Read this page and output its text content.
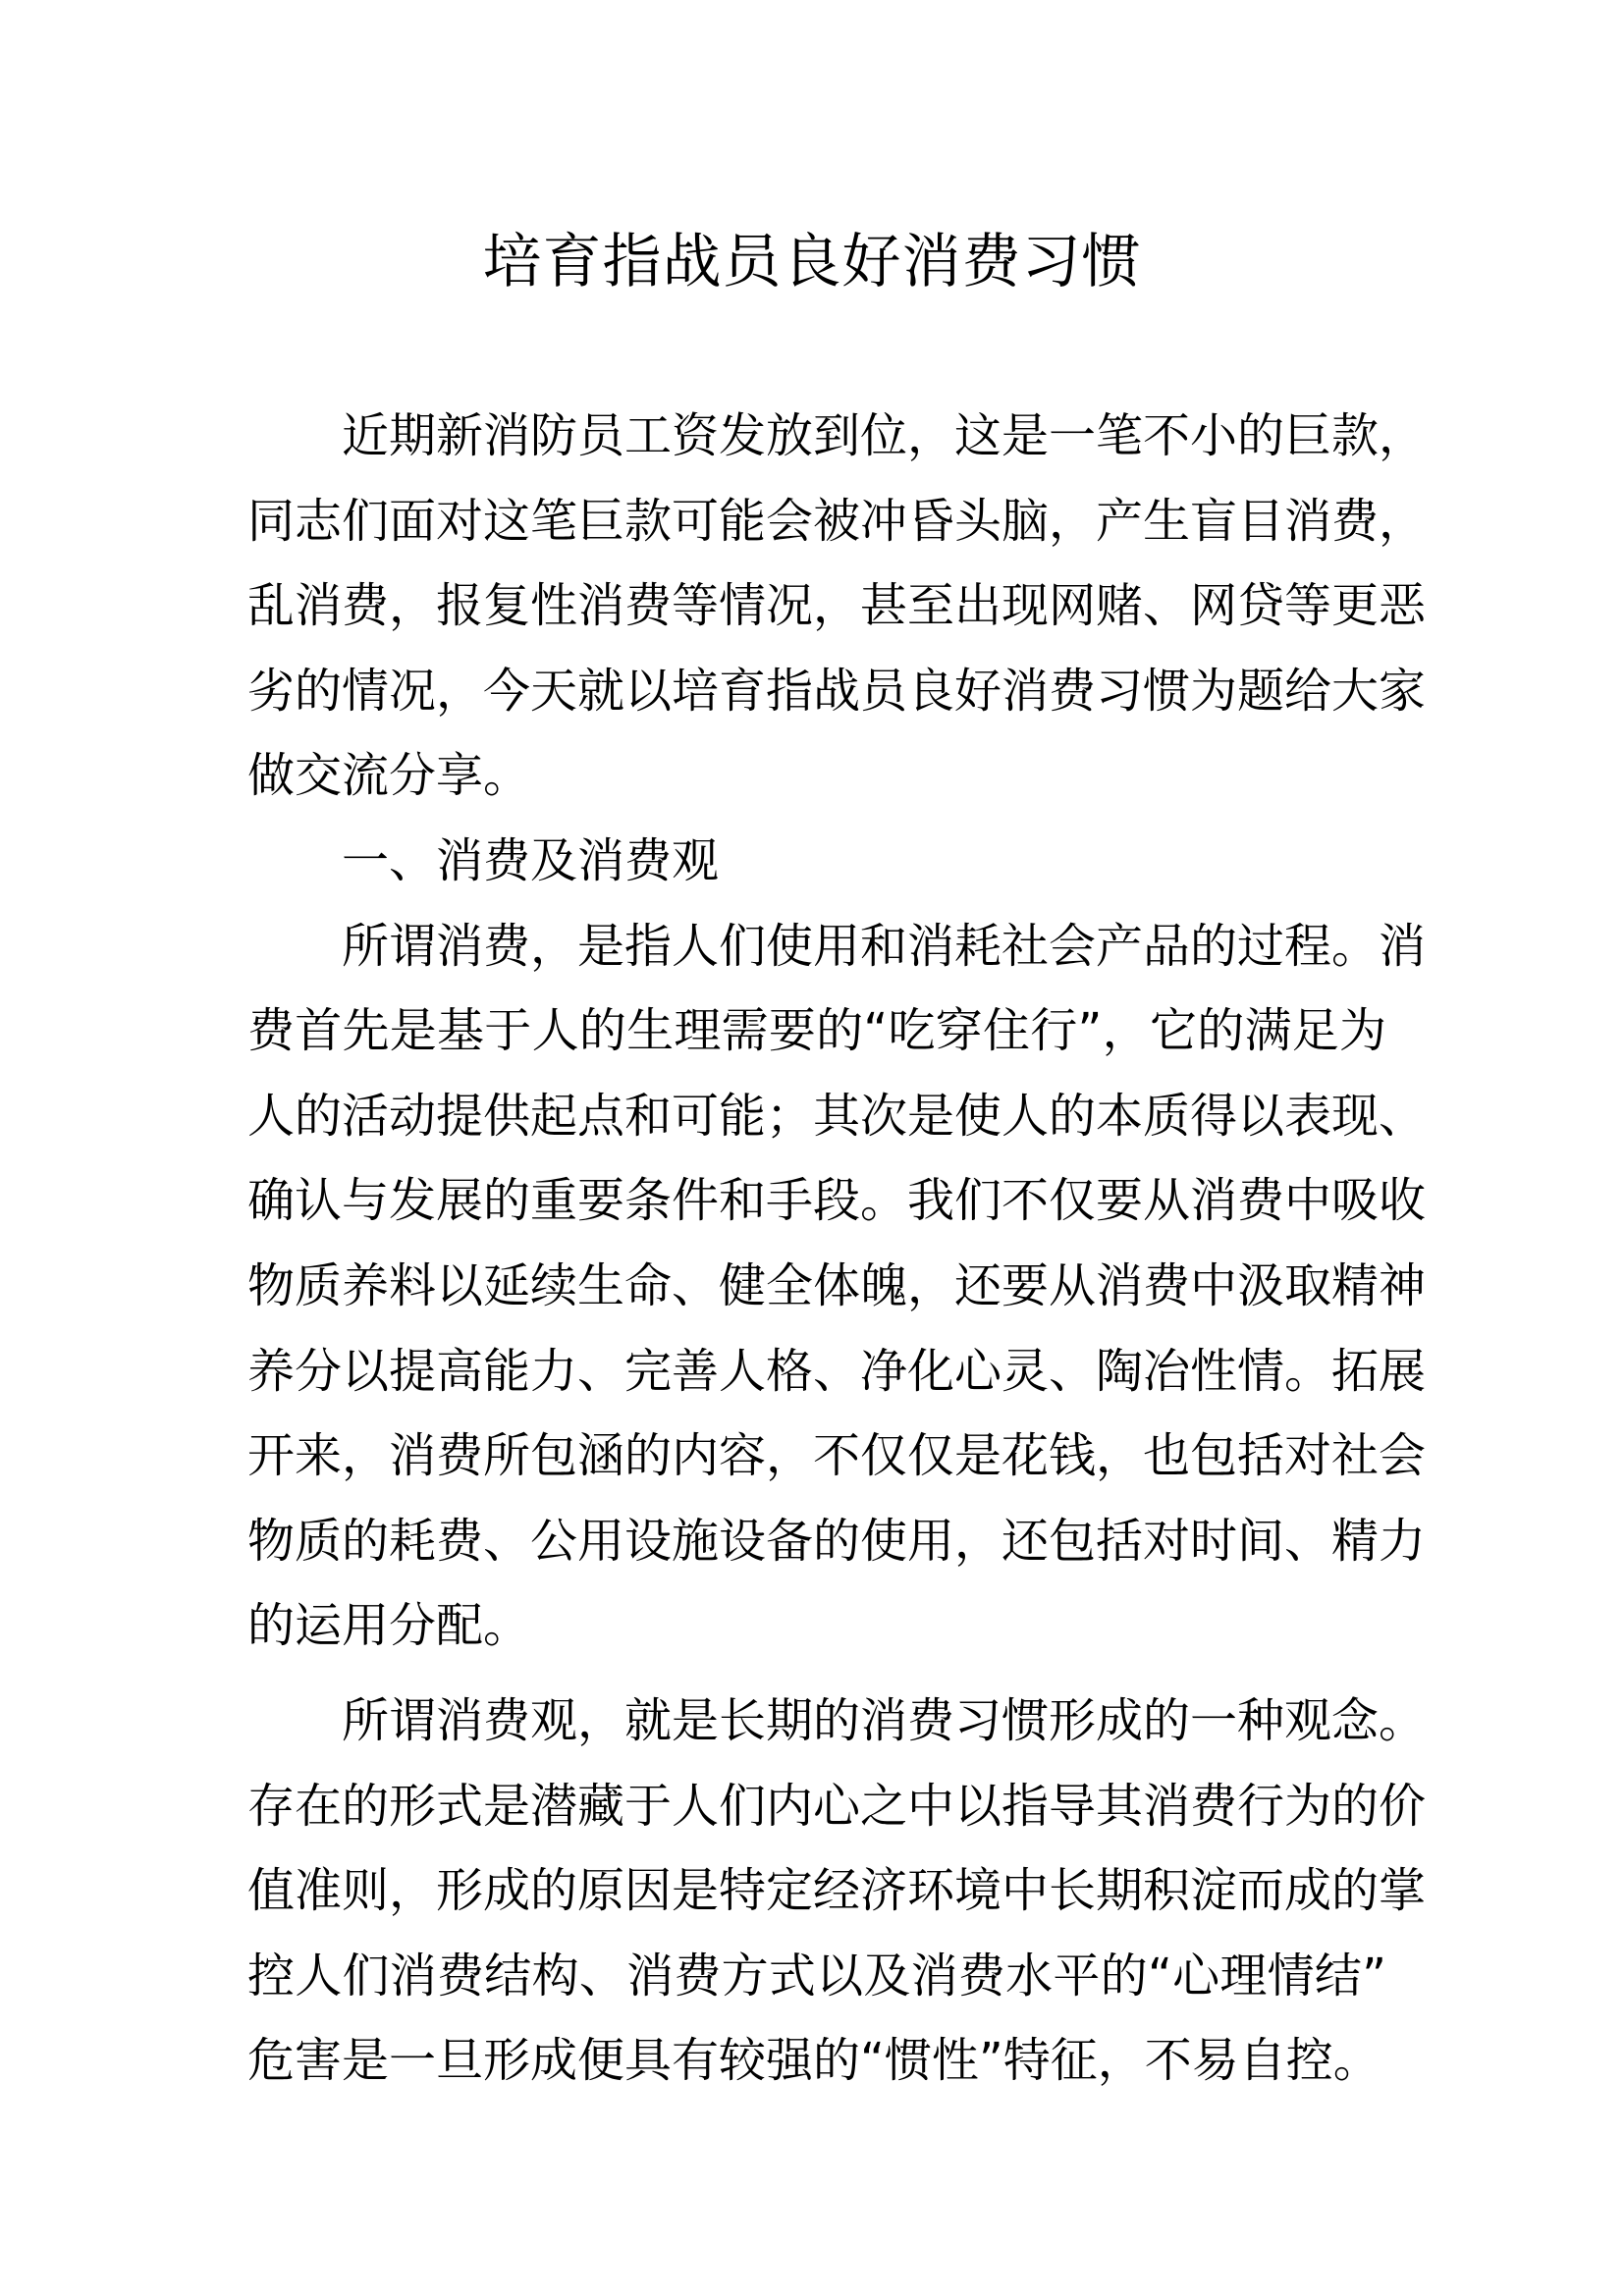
培育指战员良好消费习惯
近期新消防员工资发放到位，这是一笔不小的巨款，
同志们面对这笔巨款可能会被冲昏头脑，产生盲目消费，
乱消费，报复性消费等情况，甚至出现网赌、网贷等更恶
劣的情况，今天就以培育指战员良好消费习惯为题给大家
做交流分享。
一、消费及消费观
所谓消费，是指人们使用和消耗社会产品的过程。消
费首先是基于人的生理需要的“吃穿住行”，它的满足为
人的活动提供起点和可能；其次是使人的本质得以表现、
确认与发展的重要条件和手段。我们不仅要从消费中吸收
物质养料以延续生命、健全体魄，还要从消费中汲取精神
养分以提高能力、完善人格、净化心灵、陶冶性情。拓展
开来，消费所包涵的内容，不仅仅是花钱，也包括对社会
物质的耗费、公用设施设备的使用，还包括对时间、精力
的运用分配。
所谓消费观，就是长期的消费习惯形成的一种观念。
存在的形式是潜藏于人们内心之中以指导其消费行为的价
值准则，形成的原因是特定经济环境中长期积淀而成的掌
控人们消费结构、消费方式以及消费水平的“心理情结”
危害是一旦形成便具有较强的“惯性”特征，不易自控。
